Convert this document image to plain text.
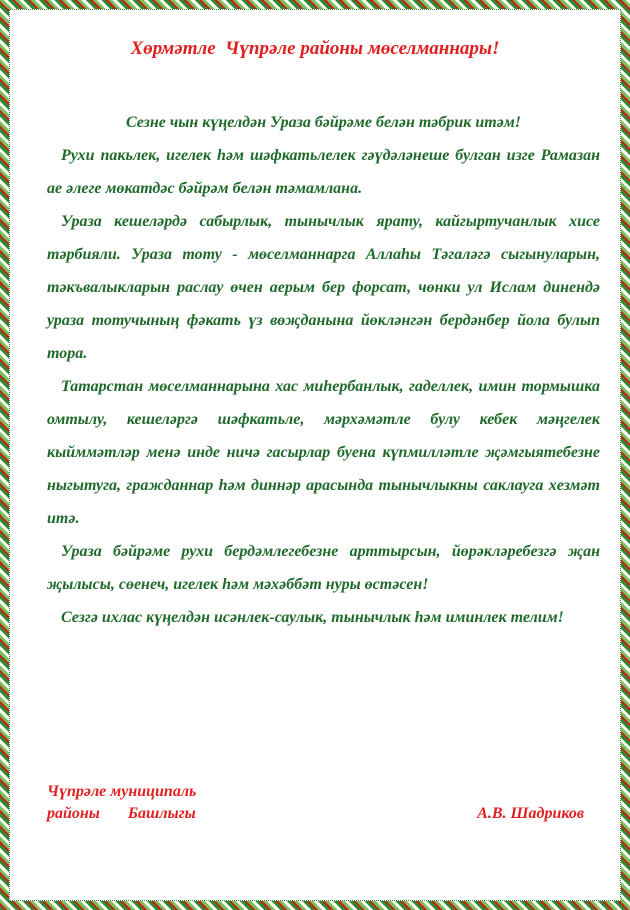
Хөрмәтле  Чүпрәле районы мөселманнары!

Сезне чын күңелдән Ураза бәйрәме белән тәбрик итәм!

Рухи пакьлек, игелек һәм шәфкатьлелек гәүдәләнеше булган изге Рамазан ае әлеге мөкатдәс бәйрәм белән тәмамлана.

Ураза кешеләрдә сабырлык, тынычлык ярату, кайгыртучанлык хисе тәрбияли. Ураза тоту - мөселманнарга Аллаһы Тәгаләгә сыгынуларын, тәкъвалыкларын раслау өчен аерым бер форсат, чөнки ул Ислам динендә ураза тотучының фәкать үз вөҗданына йөкләнгән бердәнбер йола булып тора.

Татарстан мөселманнарына хас миһербанлык, гаделлек, имин тормышка омтылу, кешеләргә шәфкатьле, мәрхәмәтле булу кебек мәңгелек кыйммәтләр менә инде ничә гасырлар буена күпмилләтле җәмгыятебезне ныгытуга, гражданнар һәм диннәр арасында тынычлыкны саклауга хезмәт итә.

Ураза бәйрәме рухи бердәмлегебезне арттырсын, йөрәкләребезгә җан җылысы, сөенеч, игелек һәм мәхәббәт нуры өстәсен!

Сезгә ихлас күңелдән исәнлек-саулык, тынычлык һәм иминлек телим!

Чүпрәле муниципаль
районы       Башлыгы	А.В. Шадриков
